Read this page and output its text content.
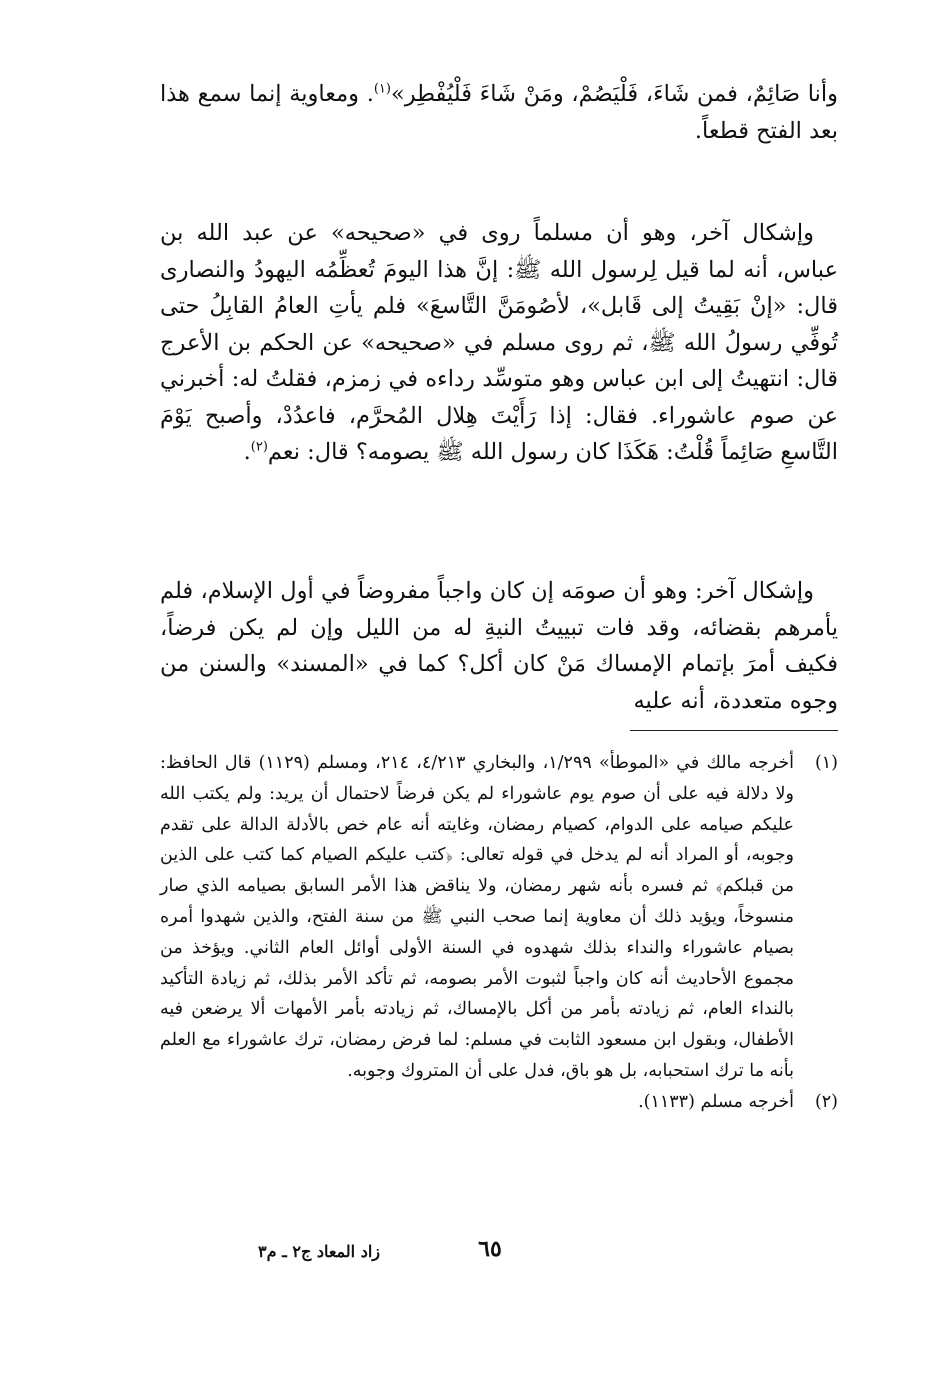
وأنا صَائِمٌ، فمن شَاءَ، فَلْيَصُمْ، ومَنْ شَاءَ فَلْيُفْطِر»$^{(١)}$. ومعاوية إنما سمع هذا بعد الفتح قطعاً.

وإشكال آخر، وهو أن مسلماً روى في «صحيحه» عن عبد الله بن عباس، أنه لما قيل لِرسول الله ﷺ: إنَّ هذا اليومَ تُعظِّمُه اليهودُ والنصارى قال: «إنْ بَقِيتُ إلى قَابل»، لأصُومَنَّ التَّاسعَ» فلم يأتِ العامُ القابِلُ حتى تُوفِّي رسولُ الله ﷺ، ثم روى مسلم في «صحيحه» عن الحكم بن الأعرج قال: انتهيتُ إلى ابن عباس وهو متوسِّد رداءه في زمزم، فقلتُ له: أخبرني عن صوم عاشوراء. فقال: إذا رَأَيْتَ هِلال المُحرَّم، فاعدُدْ، وأصبح يَوْمَ التَّاسعِ صَائِماً قُلْتُ: هَكَذَا كان رسول الله ﷺ يصومه؟ قال: نعم$^{(٢)}$.

وإشكال آخر: وهو أن صومَه إن كان واجباً مفروضاً في أول الإسلام، فلم يأمرهم بقضائه، وقد فات تبييتُ النيةِ له من الليل وإن لم يكن فرضاً، فكيف أمرَ بإتمام الإمساك مَنْ كان أكل؟ كما في «المسند» والسنن من وجوه متعددة، أنه عليه

(١)
أخرجه مالك في «الموطأ» ١/٢٩٩، والبخاري ٤/٢١٣، ٢١٤، ومسلم (١١٢٩) قال الحافظ: ولا دلالة فيه على أن صوم يوم عاشوراء لم يكن فرضاً لاحتمال أن يريد: ولم يكتب الله عليكم صيامه على الدوام، كصيام رمضان، وغايته أنه عام خص بالأدلة الدالة على تقدم وجوبه، أو المراد أنه لم يدخل في قوله تعالى: ﴿كتب عليكم الصيام كما كتب على الذين من قبلكم﴾ ثم فسره بأنه شهر رمضان، ولا يناقض هذا الأمر السابق بصيامه الذي صار منسوخاً، ويؤيد ذلك أن معاوية إنما صحب النبي ﷺ من سنة الفتح، والذين شهدوا أمره بصيام عاشوراء والنداء بذلك شهدوه في السنة الأولى أوائل العام الثاني. ويؤخذ من مجموع الأحاديث أنه كان واجباً لثبوت الأمر بصومه، ثم تأكد الأمر بذلك، ثم زيادة التأكيد بالنداء العام، ثم زيادته بأمر من أكل بالإمساك، ثم زيادته بأمر الأمهات ألا يرضعن فيه الأطفال، وبقول ابن مسعود الثابت في مسلم: لما فرض رمضان، ترك عاشوراء مع العلم بأنه ما ترك استحبابه، بل هو باق، فدل على أن المتروك وجوبه.
(٢)
أخرجه مسلم (١١٣٣).
٦٥
زاد المعاد ج٢ ـ م٣
